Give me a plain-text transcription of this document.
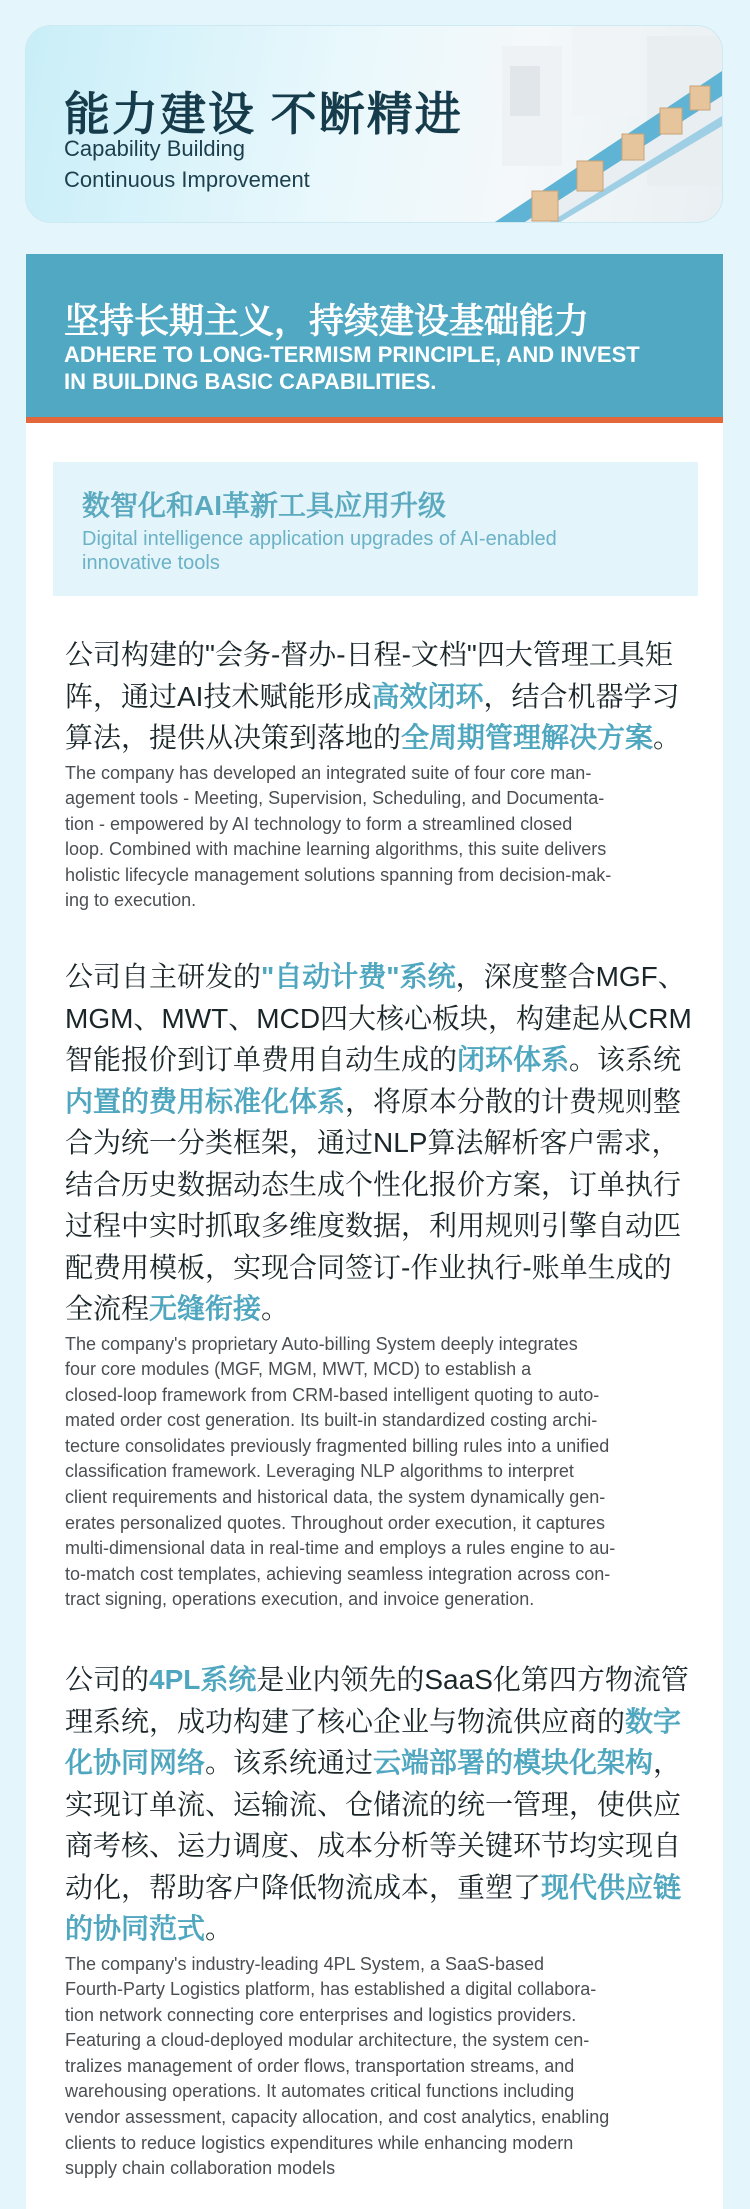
能力建设 不断精进
Capability Building
Continuous Improvement
坚持长期主义，持续建设基础能力
ADHERE TO LONG-TERMISM PRINCIPLE, AND INVEST
IN BUILDING BASIC CAPABILITIES.
数智化和AI革新工具应用升级
Digital intelligence application upgrades of AI-enabled
innovative tools
公司构建的"会务-督办-日程-文档"四大管理工具矩
阵，通过AI技术赋能形成高效闭环，结合机器学习
算法，提供从决策到落地的全周期管理解决方案。
The company has developed an integrated suite of four core man-
agement tools - Meeting, Supervision, Scheduling, and Documenta-
tion - empowered by AI technology to form a streamlined closed
loop. Combined with machine learning algorithms, this suite delivers
holistic lifecycle management solutions spanning from decision-mak-
ing to execution.
公司自主研发的"自动计费"系统，深度整合MGF、
MGM、MWT、MCD四大核心板块，构建起从CRM
智能报价到订单费用自动生成的闭环体系。该系统
内置的费用标准化体系，将原本分散的计费规则整
合为统一分类框架，通过NLP算法解析客户需求，
结合历史数据动态生成个性化报价方案，订单执行
过程中实时抓取多维度数据，利用规则引擎自动匹
配费用模板，实现合同签订-作业执行-账单生成的
全流程无缝衔接。
The company's proprietary Auto-billing System deeply integrates
four core modules (MGF, MGM, MWT, MCD) to establish a
closed-loop framework from CRM-based intelligent quoting to auto-
mated order cost generation. Its built-in standardized costing archi-
tecture consolidates previously fragmented billing rules into a unified
classification framework. Leveraging NLP algorithms to interpret
client requirements and historical data, the system dynamically gen-
erates personalized quotes. Throughout order execution, it captures
multi-dimensional data in real-time and employs a rules engine to au-
to-match cost templates, achieving seamless integration across con-
tract signing, operations execution, and invoice generation.
公司的4PL系统是业内领先的SaaS化第四方物流管
理系统，成功构建了核心企业与物流供应商的数字
化协同网络。该系统通过云端部署的模块化架构，
实现订单流、运输流、仓储流的统一管理，使供应
商考核、运力调度、成本分析等关键环节均实现自
动化，帮助客户降低物流成本，重塑了现代供应链
的协同范式。
The company's industry-leading 4PL System, a SaaS-based
Fourth-Party Logistics platform, has established a digital collabora-
tion network connecting core enterprises and logistics providers.
Featuring a cloud-deployed modular architecture, the system cen-
tralizes management of order flows, transportation streams, and
warehousing operations. It automates critical functions including
vendor assessment, capacity allocation, and cost analytics, enabling
clients to reduce logistics expenditures while enhancing modern
supply chain collaboration models
